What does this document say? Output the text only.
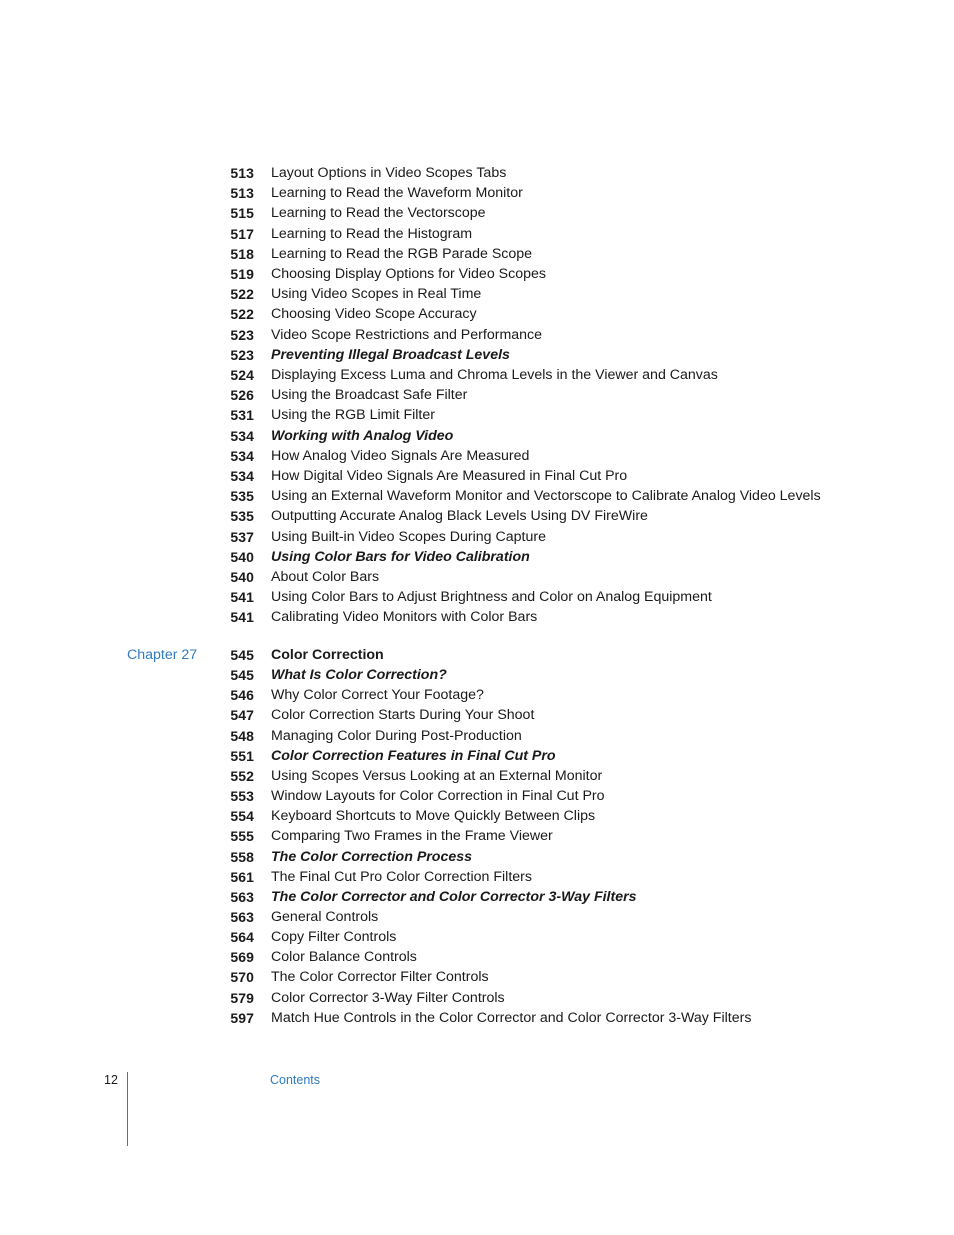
513 Layout Options in Video Scopes Tabs
513 Learning to Read the Waveform Monitor
515 Learning to Read the Vectorscope
517 Learning to Read the Histogram
518 Learning to Read the RGB Parade Scope
519 Choosing Display Options for Video Scopes
522 Using Video Scopes in Real Time
522 Choosing Video Scope Accuracy
523 Video Scope Restrictions and Performance
523 Preventing Illegal Broadcast Levels
524 Displaying Excess Luma and Chroma Levels in the Viewer and Canvas
526 Using the Broadcast Safe Filter
531 Using the RGB Limit Filter
534 Working with Analog Video
534 How Analog Video Signals Are Measured
534 How Digital Video Signals Are Measured in Final Cut Pro
535 Using an External Waveform Monitor and Vectorscope to Calibrate Analog Video Levels
535 Outputting Accurate Analog Black Levels Using DV FireWire
537 Using Built-in Video Scopes During Capture
540 Using Color Bars for Video Calibration
540 About Color Bars
541 Using Color Bars to Adjust Brightness and Color on Analog Equipment
541 Calibrating Video Monitors with Color Bars
Chapter 27 545 Color Correction
545 What Is Color Correction?
546 Why Color Correct Your Footage?
547 Color Correction Starts During Your Shoot
548 Managing Color During Post-Production
551 Color Correction Features in Final Cut Pro
552 Using Scopes Versus Looking at an External Monitor
553 Window Layouts for Color Correction in Final Cut Pro
554 Keyboard Shortcuts to Move Quickly Between Clips
555 Comparing Two Frames in the Frame Viewer
558 The Color Correction Process
561 The Final Cut Pro Color Correction Filters
563 The Color Corrector and Color Corrector 3-Way Filters
563 General Controls
564 Copy Filter Controls
569 Color Balance Controls
570 The Color Corrector Filter Controls
579 Color Corrector 3-Way Filter Controls
597 Match Hue Controls in the Color Corrector and Color Corrector 3-Way Filters
12	Contents
